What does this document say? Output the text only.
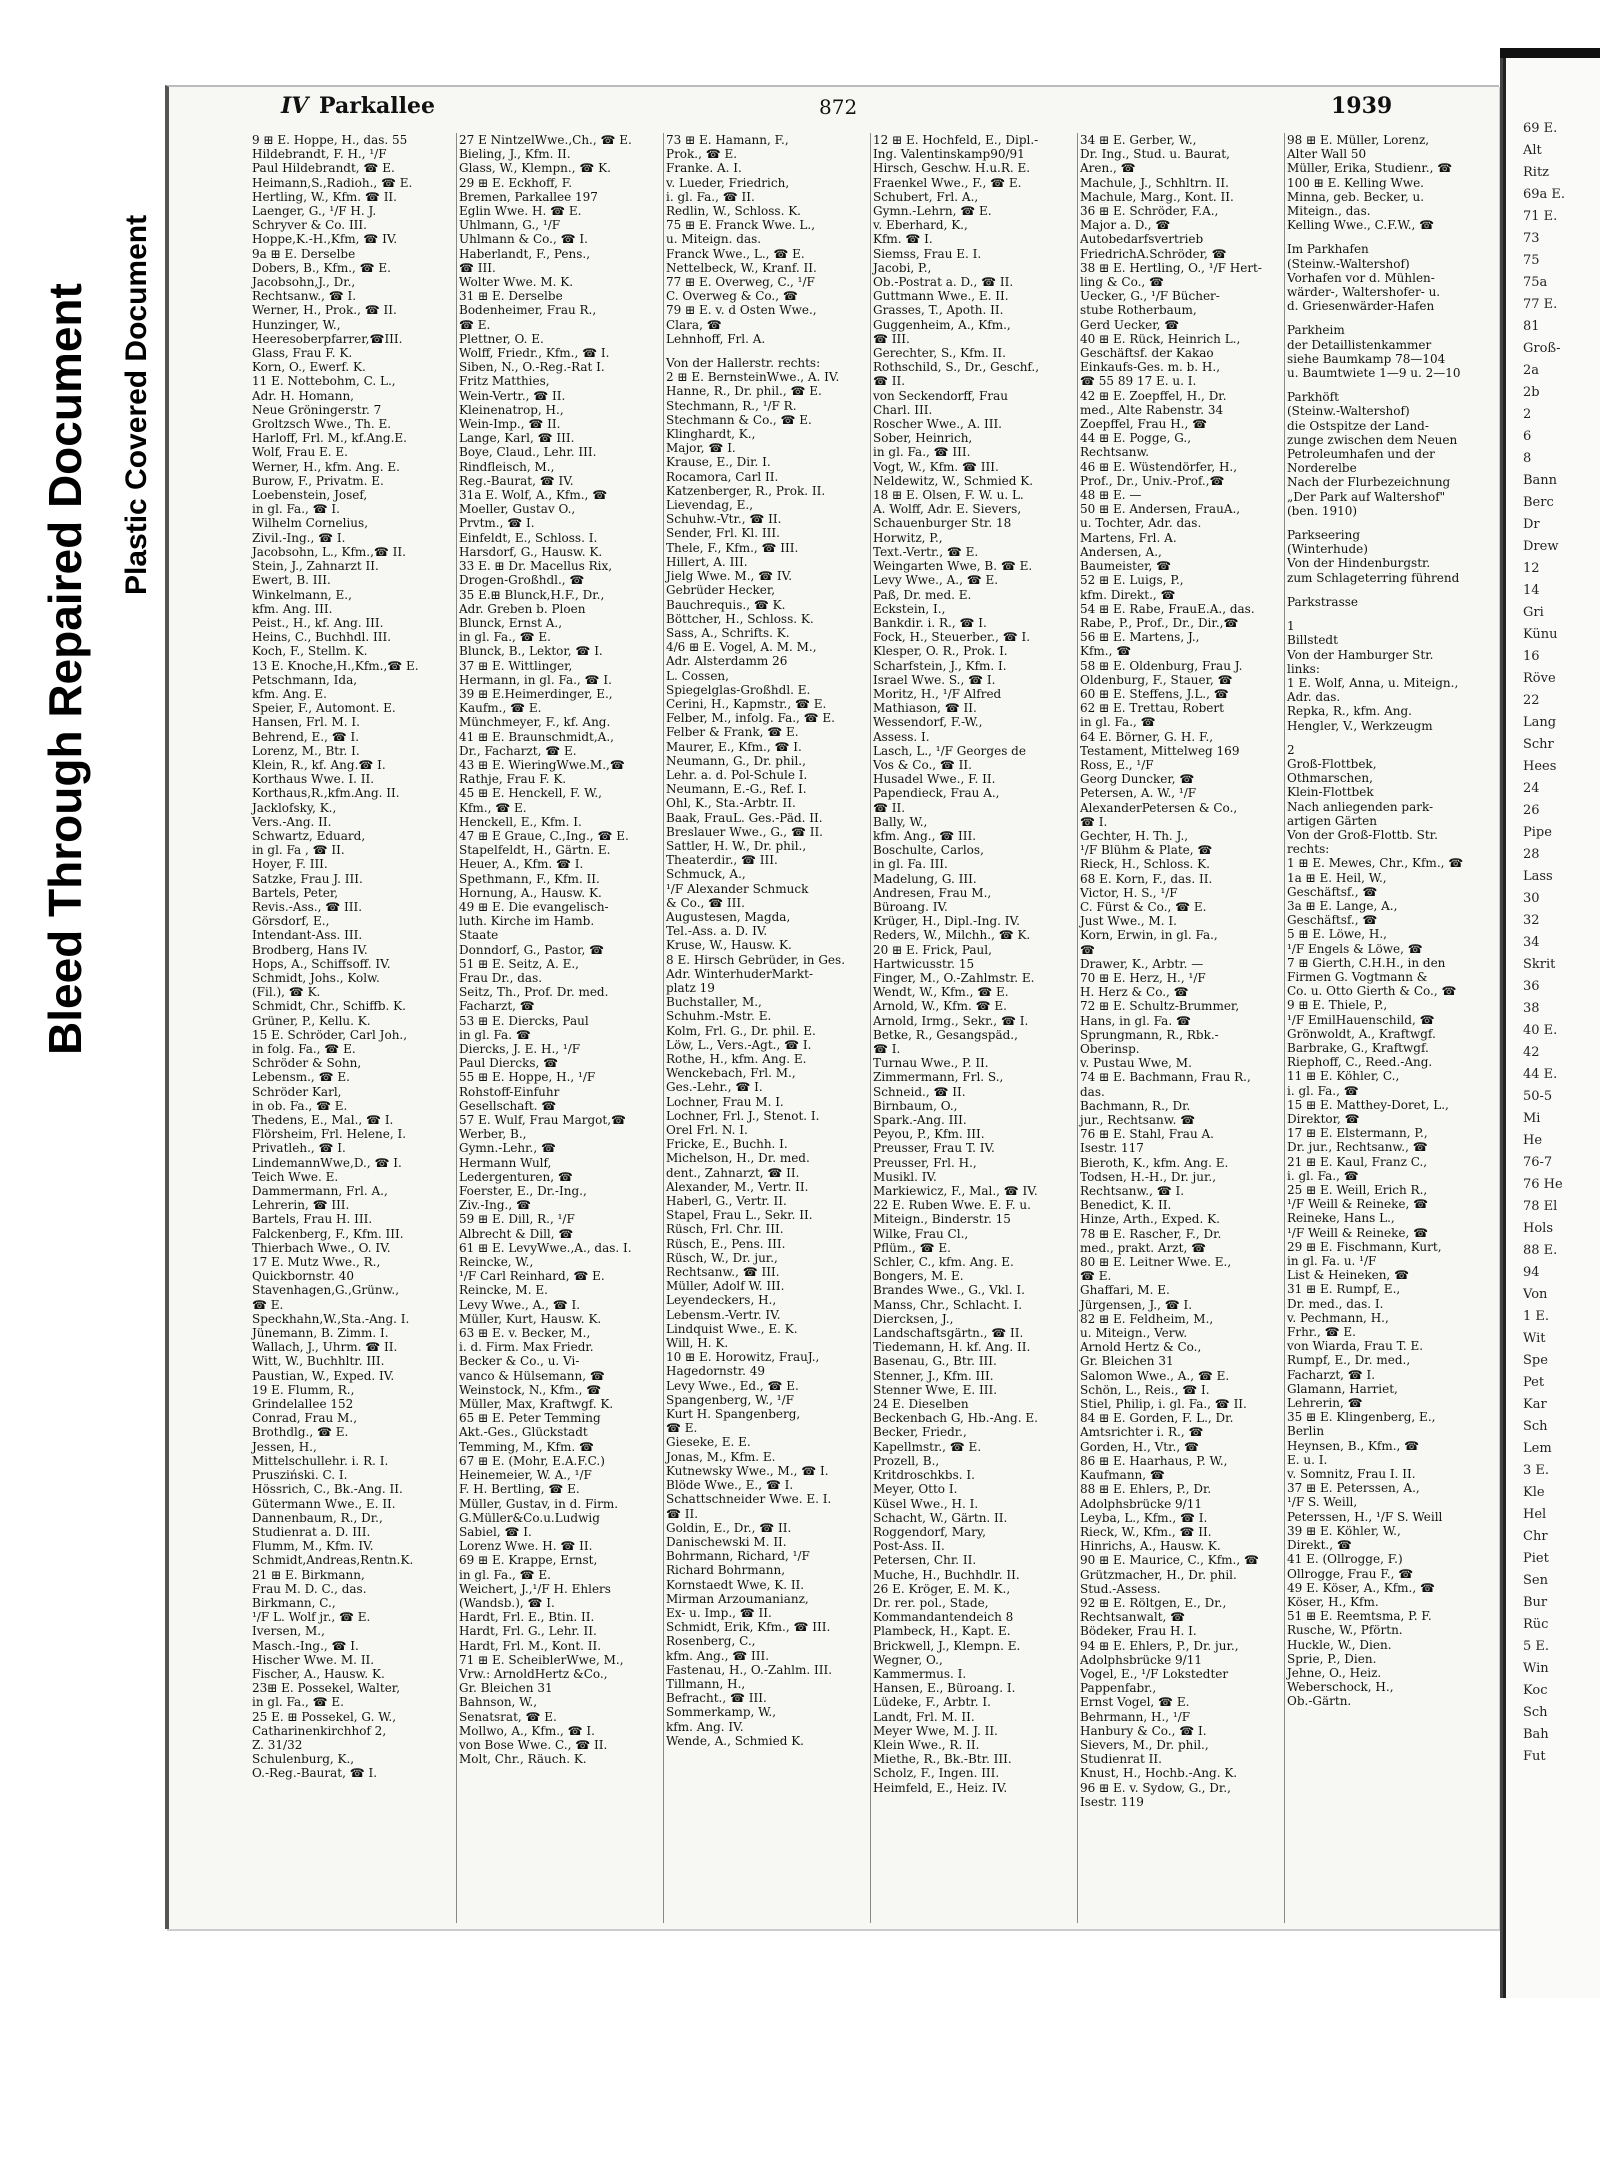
Bleed Through Repaired Document Plastic Covered Document
IV Parkallee	872	1939
9 ⊞ E. Hoppe, H., das. 55
Hildebrandt, F. H., ¹/F
Paul Hildebrandt, ☎ E.
Heimann,S.,Radioh., ☎ E.
Hertling, W., Kfm. ☎ II.
Laenger, G., ¹/F H. J.
Schryver & Co. III.
Hoppe,K.-H.,Kfm, ☎ IV.
9a ⊞ E. Derselbe
Dobers, B., Kfm., ☎ E.
Jacobsohn,J., Dr.,
Rechtsanw., ☎ I.
Werner, H., Prok., ☎ II.
Hunzinger, W.,
Heeresoberpfarrer,☎III.
Glass, Frau F. K.
Korn, O., Ewerf. K.
11 E. Nottebohm, C. L.,
Adr. H. Homann,
Neue Gröningerstr. 7
Groltzsch Wwe., Th. E.
Harloff, Frl. M., kf.Ang.E.
Wolf, Frau E. E.
Werner, H., kfm. Ang. E.
Burow, F., Privatm. E.
Loebenstein, Josef,
in gl. Fa., ☎ I.
Wilhelm Cornelius,
Zivil.-Ing., ☎ I.
Jacobsohn, L., Kfm.,☎ II.
Stein, J., Zahnarzt II.
Ewert, B. III.
Winkelmann, E.,
kfm. Ang. III.
Peist., H., kf. Ang. III.
Heins, C., Buchhdl. III.
Koch, F., Stellm. K.
13 E. Knoche,H.,Kfm.,☎ E.
Petschmann, Ida,
kfm. Ang. E.
Speier, F., Automont. E.
Hansen, Frl. M. I.
Behrend, E., ☎ I.
Lorenz, M., Btr. I.
Klein, R., kf. Ang.☎ I.
Korthaus Wwe. I. II.
Korthaus,R.,kfm.Ang. II.
Jacklofsky, K.,
Vers.-Ang. II.
Schwartz, Eduard,
in gl. Fa , ☎ II.
Hoyer, F. III.
Satzke, Frau J. III.
Bartels, Peter,
Revis.-Ass., ☎ III.
Görsdorf, E.,
Intendant-Ass. III.
Brodberg, Hans IV.
Hops, A., Schiffsoff. IV.
Schmidt, Johs., Kolw.
(Fil.), ☎ K.
Schmidt, Chr., Schiffb. K.
Grüner, P., Kellu. K.
15 E. Schröder, Carl Joh.,
in folg. Fa., ☎ E.
Schröder & Sohn,
Lebensm., ☎ E.
Schröder Karl,
in ob. Fa., ☎ E.
Thedens, E., Mal., ☎ I.
Flörsheim, Frl. Helene, I.
Privatlеh., ☎ I.
LindemannWwe,D., ☎ I.
Teich Wwe. E.
Dammermann, Frl. A.,
Lehrerin, ☎ III.
Bartels, Frau H. III.
Falckenberg, F., Kfm. III.
Thierbach Wwe., O. IV.
17 E. Mutz Wwe., R.,
Quickbornstr. 40
Stavenhagen,G.,Grünw.,
☎ E.
Speckhahn,W.,Sta.-Ang. I.
Jünemann, B. Zimm. I.
Wallach, J., Uhrm. ☎ II.
Witt, W., Buchhltr. III.
Paustian, W., Exped. IV.
19 E. Flumm, R.,
Grindelallee 152
Conrad, Frau M.,
Brothdlg., ☎ E.
Jessen, H.,
Mittelschullehr. i. R. I.
Prusziński. C. I.
Hössrich, C., Bk.-Ang. II.
Gütermann Wwe., E. II.
Dannenbaum, R., Dr.,
Studienrat a. D. III.
Flumm, M., Kfm. IV.
Schmidt,Andreas,Rentn.K.
21 ⊞ E. Birkmann,
Frau M. D. C., das.
Birkmann, C.,
¹/F L. Wolf jr., ☎ E.
Iversen, M.,
Masch.-Ing., ☎ I.
Hischer Wwe. M. II.
Fischer, A., Hausw. K.
23⊞ E. Possekel, Walter,
in gl. Fa., ☎ E.
25 E. ⊞ Possekel, G. W.,
Catharinenkirchhof 2,
Z. 31/32
Schulenburg, K.,
O.-Reg.-Baurat, ☎ I.
27 E NintzelWwe.,Ch., ☎ E.
Bieling, J., Kfm. II.
Glass, W., Klempn., ☎ K.
29 ⊞ E. Eckhoff, F.
Bremen, Parkallee 197
Eglin Wwe. H. ☎ E.
Uhlmann, G., ¹/F
Uhlmann & Co., ☎ I.
Haberlandt, F., Pens.,
☎ III.
Wolter Wwe. M. K.
31 ⊞ E. Derselbe
Bodenheimer, Frau R.,
☎ E.
Plettner, O. E.
Wolff, Friedr., Kfm., ☎ I.
Siben, N., O.-Reg.-Rat I.
Fritz Matthies,
Wein-Vertr., ☎ II.
Kleinenatrop, H.,
Wein-Imp., ☎ II.
Lange, Karl, ☎ III.
Boye, Claud., Lehr. III.
Rindfleisch, M.,
Reg.-Baurat, ☎ IV.
31a E. Wolf, A., Kfm., ☎
Moeller, Gustav O.,
Prvtm., ☎ I.
Einfeldt, E., Schloss. I.
Harsdorf, G., Hausw. K.
33 E. ⊞ Dr. Macellus Rix,
Drogen-Großhdl., ☎
35 E.⊞ Blunck,H.F., Dr.,
Adr. Greben b. Ploen
Blunck, Ernst A.,
in gl. Fa., ☎ E.
Blunck, B., Lektor, ☎ I.
37 ⊞ E. Wittlinger,
Hermann, in gl. Fa., ☎ I.
39 ⊞ E.Heimerdinger, E.,
Kaufm., ☎ E.
Münchmeyer, F., kf. Ang.
41 ⊞ E. Braunschmidt,A.,
Dr., Facharzt, ☎ E.
43 ⊞ E. WieringWwe.M.,☎
Rathje, Frau F. K.
45 ⊞ E. Henckell, F. W.,
Kfm., ☎ E.
Henckell, E., Kfm. I.
47 ⊞ E Graue, C.,Ing., ☎ E.
Stapelfeldt, H., Gärtn. E.
Heuer, A., Kfm. ☎ I.
Spethmann, F., Kfm. II.
Hornung, A., Hausw. K.
49 ⊞ E. Die evangelisch-
luth. Kirche im Hamb.
Staate
Donndorf, G., Pastor, ☎
51 ⊞ E. Seitz, A. E.,
Frau Dr., das.
Seitz, Th., Prof. Dr. med.
Facharzt, ☎
53 ⊞ E. Diercks, Paul
in gl. Fa. ☎
Diercks, J. E. H., ¹/F
Paul Diercks, ☎
55 ⊞ E. Hoppe, H., ¹/F
Rohstoff-Einfuhr
Gesellschaft. ☎
57 E. Wulf, Frau Margot,☎
Werber, B.,
Gymn.-Lehr., ☎
Hermann Wulf,
Ledergenturen, ☎
Foerster, E., Dr.-Ing.,
Ziv.-Ing., ☎
59 ⊞ E. Dill, R., ¹/F
Albrecht & Dill, ☎
61 ⊞ E. LevyWwe.,A., das. I.
Reincke, W.,
¹/F Carl Reinhard, ☎ E.
Reincke, M. E.
Levy Wwe., A., ☎ I.
Müller, Kurt, Hausw. K.
63 ⊞ E. v. Becker, M.,
i. d. Firm. Max Friedr.
Becker & Co., u. Vi-
vanco & Hülsemann, ☎
Weinstock, N., Kfm., ☎
Müller, Max, Kraftwgf. K.
65 ⊞ E. Peter Temming
Akt.-Ges., Glückstadt
Temming, M., Kfm. ☎
67 ⊞ E. (Mohr, E.A.F.C.)
Heinemeier, W. A., ¹/F
F. H. Bertling, ☎ E.
Müller, Gustav, in d. Firm.
G.Müller&Co.u.Ludwig
Sabiel, ☎ I.
Lorenz Wwe. H. ☎ II.
69 ⊞ E. Krappe, Ernst,
in gl. Fa., ☎ E.
Weichert, J.,¹/F H. Ehlers
(Wandsb.), ☎ I.
Hardt, Frl. E., Btin. II.
Hardt, Frl. G., Lehr. II.
Hardt, Frl. M., Kont. II.
71 ⊞ E. ScheiblerWwe, M.,
Vrw.: ArnoldHertz &Co.,
Gr. Bleichen 31
Bahnson, W.,
Senatsrat, ☎ E.
Mollwo, A., Kfm., ☎ I.
von Bose Wwe. C., ☎ II.
Molt, Chr., Räuch. K.
73 ⊞ E. Hamann, F.,
Prok., ☎ E.
Franke. A. I.
v. Lueder, Friedrich,
i. gl. Fa., ☎ II.
Redlin, W., Schloss. K.
75 ⊞ E. Franck Wwe. L.,
u. Miteign. das.
Franck Wwe., L., ☎ E.
Nettelbeck, W., Kranf. II.
77 ⊞ E. Overweg, C., ¹/F
C. Overweg & Co., ☎
79 ⊞ E. v. d Osten Wwe.,
Clara, ☎
Lehnhoff, Frl. A.
Von der Hallerstr. rechts:
2 ⊞ E. BernsteinWwe., A. IV.
Hanne, R., Dr. phil., ☎ E.
Stechmann, R., ¹/F R.
Stechmann & Co., ☎ E.
Klinghardt, K.,
Major, ☎ I.
Krause, E., Dir. I.
Rocamora, Carl II.
Katzenberger, R., Prok. II.
Lievendag, E.,
Schuhw.-Vtr., ☎ II.
Sender, Frl. Kl. III.
Thele, F., Kfm., ☎ III.
Hillert, A. III.
Jielg Wwe. M., ☎ IV.
Gebrüder Hecker,
Bauchrequis., ☎ K.
Böttcher, H., Schloss. K.
Sass, A., Schrifts. K.
4/6 ⊞ E. Vogel, A. M. M.,
Adr. Alsterdamm 26
L. Cossen,
Spiegelglas-Großhdl. E.
Cerini, H., Kapmstr., ☎ E.
Felber, M., infolg. Fa., ☎ E.
Felber & Frank, ☎ E.
Maurer, E., Kfm., ☎ I.
Neumann, G., Dr. phil.,
Lehr. a. d. Pol-Schule I.
Neumann, E.-G., Ref. I.
Ohl, K., Sta.-Arbtr. II.
Baak, FrauL. Ges.-Päd. II.
Breslauer Wwe., G., ☎ II.
Sattler, H. W., Dr. phil.,
Theaterdir., ☎ III.
Schmuck, A.,
¹/F Alexander Schmuck
& Co., ☎ III.
Augustesen, Magda,
Tel.-Ass. a. D. IV.
Kruse, W., Hausw. K.
8 E. Hirsch Gebrüder, in Ges.
Adr. WinterhuderMarkt-
platz 19
Buchstaller, M.,
Schuhm.-Mstr. E.
Kolm, Frl. G., Dr. phil. E.
Löw, L., Vers.-Agt., ☎ I.
Rothe, H., kfm. Ang. E.
Wenckebach, Frl. M.,
Ges.-Lehr., ☎ I.
Lochner, Frau M. I.
Lochner, Frl. J., Stenot. I.
Orel Frl. N. I.
Fricke, E., Buchh. I.
Michelson, H., Dr. med.
dent., Zahnarzt, ☎ II.
Alexander, M., Vertr. II.
Haberl, G., Vertr. II.
Stapel, Frau L., Sekr. II.
Rüsch, Frl. Chr. III.
Rüsch, E., Pens. III.
Rüsch, W., Dr. jur.,
Rechtsanw., ☎ III.
Müller, Adolf W. III.
Leyendeckers, H.,
Lebensm.-Vertr. IV.
Lindquist Wwe., E. K.
Will, H. K.
10 ⊞ E. Horowitz, FrauJ.,
Hagedornstr. 49
Levy Wwe., Ed., ☎ E.
Spangenberg, W., ¹/F
Kurt H. Spangenberg,
☎ E.
Gieseke, E. E.
Jonas, M., Kfm. E.
Kutnewsky Wwe., M., ☎ I.
Blöde Wwe., E., ☎ I.
Schattschneider Wwe. E. I.
☎ II.
Goldin, E., Dr., ☎ II.
Danischewski M. II.
Bohrmann, Richard, ¹/F
Richard Bohrmann,
Kornstaedt Wwe, K. II.
Mirman Arzoumanianz,
Ex- u. Imp., ☎ II.
Schmidt, Erik, Kfm., ☎ III.
Rosenberg, C.,
kfm. Ang., ☎ III.
Fastenau, H., O.-Zahlm. III.
Tillmann, H.,
Befracht., ☎ III.
Sommerkamp, W.,
kfm. Ang. IV.
Wende, A., Schmied K.
12 ⊞ E. Hochfeld, E., Dipl.-
Ing. Valentinskamp90/91
Hirsch, Geschw. H.u.R. E.
Fraenkel Wwe., F., ☎ E.
Schubert, Frl. A.,
Gymn.-Lehrn, ☎ E.
v. Eberhard, K.,
Kfm. ☎ I.
Siemss, Frau E. I.
Jacobi, P.,
Ob.-Postrat a. D., ☎ II.
Guttmann Wwe., E. II.
Grasses, T., Apoth. II.
Guggenheim, A., Kfm.,
☎ III.
Gerechter, S., Kfm. II.
Rothschild, S., Dr., Geschf.,
☎ II.
von Seckendorff, Frau
Charl. III.
Roscher Wwe., A. III.
Sober, Heinrich,
in gl. Fa., ☎ III.
Vogt, W., Kfm. ☎ III.
Neldewitz, W., Schmied K.
18 ⊞ E. Olsen, F. W. u. L.
A. Wolff, Adr. E. Sievers,
Schauenburger Str. 18
Horwitz, P.,
Text.-Vertr., ☎ E.
Weingarten Wwe, B. ☎ E.
Levy Wwe., A., ☎ E.
Paß, Dr. med. E.
Eckstein, I.,
Bankdir. i. R., ☎ I.
Fock, H., Steuerber., ☎ I.
Klesper, O. R., Prok. I.
Scharfstein, J., Kfm. I.
Israel Wwe. S., ☎ I.
Moritz, H., ¹/F Alfred
Mathiason, ☎ II.
Wessendorf, F.-W.,
Assess. I.
Lasch, L., ¹/F Georges de
Vos & Co., ☎ II.
Husadel Wwe., F. II.
Papendieck, Frau A.,
☎ II.
Bally, W.,
kfm. Ang., ☎ III.
Boschulte, Carlos,
in gl. Fa. III.
Madelung, G. III.
Andresen, Frau M.,
Büroang. IV.
Krüger, H., Dipl.-Ing. IV.
Reders, W., Milchh., ☎ K.
20 ⊞ E. Frick, Paul,
Hartwicusstr. 15
Finger, M., O.-Zahlmstr. E.
Wendt, W., Kfm., ☎ E.
Arnold, W., Kfm. ☎ E.
Arnold, Irmg., Sekr., ☎ I.
Betke, R., Gesangspäd.,
☎ I.
Turnau Wwe., P. II.
Zimmermann, Frl. S.,
Schneid., ☎ II.
Birnbaum, O.,
Spark.-Ang. III.
Peyou, P., Kfm. III.
Preusser, Frau T. IV.
Preusser, Frl. H.,
Musikl. IV.
Markiewicz, F., Mal., ☎ IV.
22 E. Ruben Wwe. E. F. u.
Miteign., Binderstr. 15
Wilke, Frau Cl.,
Pflüm., ☎ E.
Schler, C., kfm. Ang. E.
Bongers, M. E.
Brandes Wwe., G., Vkl. I.
Manss, Chr., Schlacht. I.
Diercksen, J.,
Landschaftsgärtn., ☎ II.
Tiedemann, H. kf. Ang. II.
Basenau, G., Btr. III.
Stenner, J., Kfm. III.
Stenner Wwe, E. III.
24 E. Dieselben
Beckenbach G, Hb.-Ang. E.
Becker, Friedr.,
Kapellmstr., ☎ E.
Prozell, B.,
Kritdroschkbs. I.
Meyer, Otto I.
Küsel Wwe., H. I.
Schacht, W., Gärtn. II.
Roggendorf, Mary,
Post-Ass. II.
Petersen, Chr. II.
Muche, H., Buchhdlr. II.
26 E. Kröger, E. M. K.,
Dr. rer. pol., Stade,
Kommandantendeich 8
Plambeck, H., Kapt. E.
Brickwell, J., Klempn. E.
Wegner, O.,
Kammermus. I.
Hansen, E., Büroang. I.
Lüdeke, F., Arbtr. I.
Landt, Frl. M. II.
Meyer Wwe, M. J. II.
Klein Wwe., R. II.
Miethe, R., Bk.-Btr. III.
Scholz, F., Ingen. III.
Heimfeld, E., Heiz. IV.
34 ⊞ E. Gerber, W.,
Dr. Ing., Stud. u. Baurat,
Aren., ☎
Machule, J., Schhltrn. II.
Machule, Marg., Kont. II.
36 ⊞ E. Schröder, F.A.,
Major a. D., ☎
Autobedarfsvertrieb
FriedrichA.Schröder, ☎
38 ⊞ E. Hertling, O., ¹/F Hert-
ling & Co., ☎
Uecker, G., ¹/F Bücher-
stube Rotherbaum,
Gerd Uecker, ☎
40 ⊞ E. Rück, Heinrich L.,
Geschäftsf. der Kakao
Einkaufs-Ges. m. b. H.,
☎ 55 89 17 E. u. I.
42 ⊞ E. Zoepffel, H., Dr.
med., Alte Rabenstr. 34
Zoepffel, Frau H., ☎
44 ⊞ E. Pogge, G.,
Rechtsanw.
46 ⊞ E. Wüstendörfer, H.,
Prof., Dr., Univ.-Prof.,☎
48 ⊞ E. —
50 ⊞ E. Andersen, FrauA.,
u. Tochter, Adr. das.
Martens, Frl. A.
Andersen, A.,
Baumeister, ☎
52 ⊞ E. Luigs, P.,
kfm. Direkt., ☎
54 ⊞ E. Rabe, FrauE.A., das.
Rabe, P., Prof., Dr., Dir.,☎
56 ⊞ E. Martens, J.,
Kfm., ☎
58 ⊞ E. Oldenburg, Frau J.
Oldenburg, F., Stauer, ☎
60 ⊞ E. Steffens, J.L., ☎
62 ⊞ E. Trettau, Robert
in gl. Fa., ☎
64 E. Börner, G. H. F.,
Testament, Mittelweg 169
Ross, E., ¹/F
Georg Duncker, ☎
Petersen, A. W., ¹/F
AlexanderPetersen & Co.,
☎ I.
Gechter, H. Th. J.,
¹/F Blühm & Plate, ☎
Rieck, H., Schloss. K.
68 E. Korn, F., das. II.
Victor, H. S., ¹/F
C. Fürst & Co., ☎ E.
Just Wwe., M. I.
Korn, Erwin, in gl. Fa.,
☎
Drawer, K., Arbtr. —
70 ⊞ E. Herz, H., ¹/F
H. Herz & Co., ☎
72 ⊞ E. Schultz-Brummer,
Hans, in gl. Fa. ☎
Sprungmann, R., Rbk.-
Oberinsp.
v. Pustau Wwe, M.
74 ⊞ E. Bachmann, Frau R.,
das.
Bachmann, R., Dr.
jur., Rechtsanw. ☎
76 ⊞ E. Stahl, Frau A.
Isestr. 117
Bieroth, K., kfm. Ang. E.
Todsen, H.-H., Dr. jur.,
Rechtsanw., ☎ I.
Benedict, K. II.
Hinze, Arth., Exped. K.
78 ⊞ E. Rascher, F., Dr.
med., prakt. Arzt, ☎
80 ⊞ E. Leitner Wwe. E.,
☎ E.
Ghaffari, M. E.
Jürgensen, J., ☎ I.
82 ⊞ E. Feldheim, M.,
u. Miteign., Verw.
Arnold Hertz & Co.,
Gr. Bleichen 31
Salomon Wwe., A., ☎ E.
Schön, L., Reis., ☎ I.
Stiel, Philip, i. gl. Fa., ☎ II.
84 ⊞ E. Gorden, F. L., Dr.
Amtsrichter i. R., ☎
Gorden, H., Vtr., ☎
86 ⊞ E. Haarhaus, P. W.,
Kaufmann, ☎
88 ⊞ E. Ehlers, P., Dr.
Adolphsbrücke 9/11
Leyba, L., Kfm., ☎ I.
Rieck, W., Kfm., ☎ II.
Hinrichs, A., Hausw. K.
90 ⊞ E. Maurice, C., Kfm., ☎
Grützmacher, H., Dr. phil.
Stud.-Assess.
92 ⊞ E. Röltgen, E., Dr.,
Rechtsanwalt, ☎
Bödeker, Frau H. I.
94 ⊞ E. Ehlers, P., Dr. jur.,
Adolphsbrücke 9/11
Vogel, E., ¹/F Lokstedter
Pappenfabr.,
Ernst Vogel, ☎ E.
Behrmann, H., ¹/F
Hanbury & Co., ☎ I.
Sievers, M., Dr. phil.,
Studienrat II.
Knust, H., Hochb.-Ang. K.
96 ⊞ E. v. Sydow, G., Dr.,
Isestr. 119
98 ⊞ E. Müller, Lorenz,
Alter Wall 50
Müller, Erika, Studienr., ☎
100 ⊞ E. Kelling Wwe.
Minna, geb. Becker, u.
Miteign., das.
Kelling Wwe., C.F.W., ☎
Im Parkhafen
(Steinw.-Waltershof)
Vorhafen vor d. Mühlen-
wärder-, Waltershofer- u.
d. Griesenwärder-Hafen
Parkheim
der Detaillistenkammer
siehe Baumkamp 78—104
u. Baumtwiete 1—9 u. 2—10
Parkhöft
(Steinw.-Waltershof)
die Ostspitze der Land-
zunge zwischen dem Neuen
Petroleumhafen und der
Norderelbe
Nach der Flurbezeichnung
„Der Park auf Waltershof"
(ben. 1910)
Parkseering
(Winterhude)
Von der Hindenburgstr.
zum Schlageterring führend
Parkstrasse
1
Billstedt
Von der Hamburger Str.
links:
1 E. Wolf, Anna, u. Miteign.,
Adr. das.
Repka, R., kfm. Ang.
Hengler, V., Werkzeugm
2
Groß-Flottbek,
Othmarschen,
Klein-Flottbek
Nach anliegenden park-
artigen Gärten
Von der Groß-Flottb. Str.
rechts:
1 ⊞ E. Mewes, Chr., Kfm., ☎
1a ⊞ E. Heil, W.,
Geschäftsf., ☎
3a ⊞ E. Lange, A.,
Geschäftsf., ☎
5 ⊞ E. Löwe, H.,
¹/F Engels & Löwe, ☎
7 ⊞ Gierth, C.H.H., in den
Firmen G. Vogtmann &
Co. u. Otto Gierth & Co., ☎
9 ⊞ E. Thiele, P.,
¹/F EmilHauenschild, ☎
Grönwoldt, A., Kraftwgf.
Barbrake, G., Kraftwgf.
Riephoff, C., Reed.-Ang.
11 ⊞ E. Köhler, C.,
i. gl. Fa., ☎
15 ⊞ E. Matthey-Doret, L.,
Direktor, ☎
17 ⊞ E. Elstermann, P.,
Dr. jur., Rechtsanw., ☎
21 ⊞ E. Kaul, Franz C.,
i. gl. Fa., ☎
25 ⊞ E. Weill, Erich R.,
¹/F Weill & Reineke, ☎
Reineke, Hans L.,
¹/F Weill & Reineke, ☎
29 ⊞ E. Fischmann, Kurt,
in gl. Fa. u. ¹/F
List & Heineken, ☎
31 ⊞ E. Rumpf, E.,
Dr. med., das. I.
v. Pechmann, H.,
Frhr., ☎ E.
von Wiarda, Frau T. E.
Rumpf, E., Dr. med.,
Facharzt, ☎ I.
Glamann, Harriet,
Lehrerin, ☎
35 ⊞ E. Klingenberg, E.,
Berlin
Heynsen, B., Kfm., ☎
E. u. I.
v. Somnitz, Frau I. II.
37 ⊞ E. Peterssen, A.,
¹/F S. Weill,
Peterssen, H., ¹/F S. Weill
39 ⊞ E. Köhler, W.,
Direkt., ☎
41 E. (Ollrogge, F.)
Ollrogge, Frau F., ☎
49 E. Köser, A., Kfm., ☎
Köser, H., Kfm.
51 ⊞ E. Reemtsma, P. F.
Rusche, W., Pförtn.
Huckle, W., Dien.
Sprie, P., Dien.
Jehne, O., Heiz.
Weberschock, H.,
Ob.-Gärtn.
69 E.
Alt
Ritz
69a E.
71 E.
73
75
75a
77 E.
81
Groß-
2a
2b
2
6
8
Bann
Berc
Dr
Drew
12
14
Gri
Künu
16
Röve
22
Lang
Schr
Hees
24
26
Pipe
28
Lass
30
32
34
Skrit
36
38
40 E.
42
44 E.
50-5
Mi
He
76-7
76 He
78 El
Hols
88 E.
94
Von
1 E.
Wit
Spe
Pet
Kar
Sch
Lem
3 E.
Kle
Hel
Chr
Piet
Sen
Bur
Rüc
5 E.
Win
Koc
Sch
Bah
Fut
